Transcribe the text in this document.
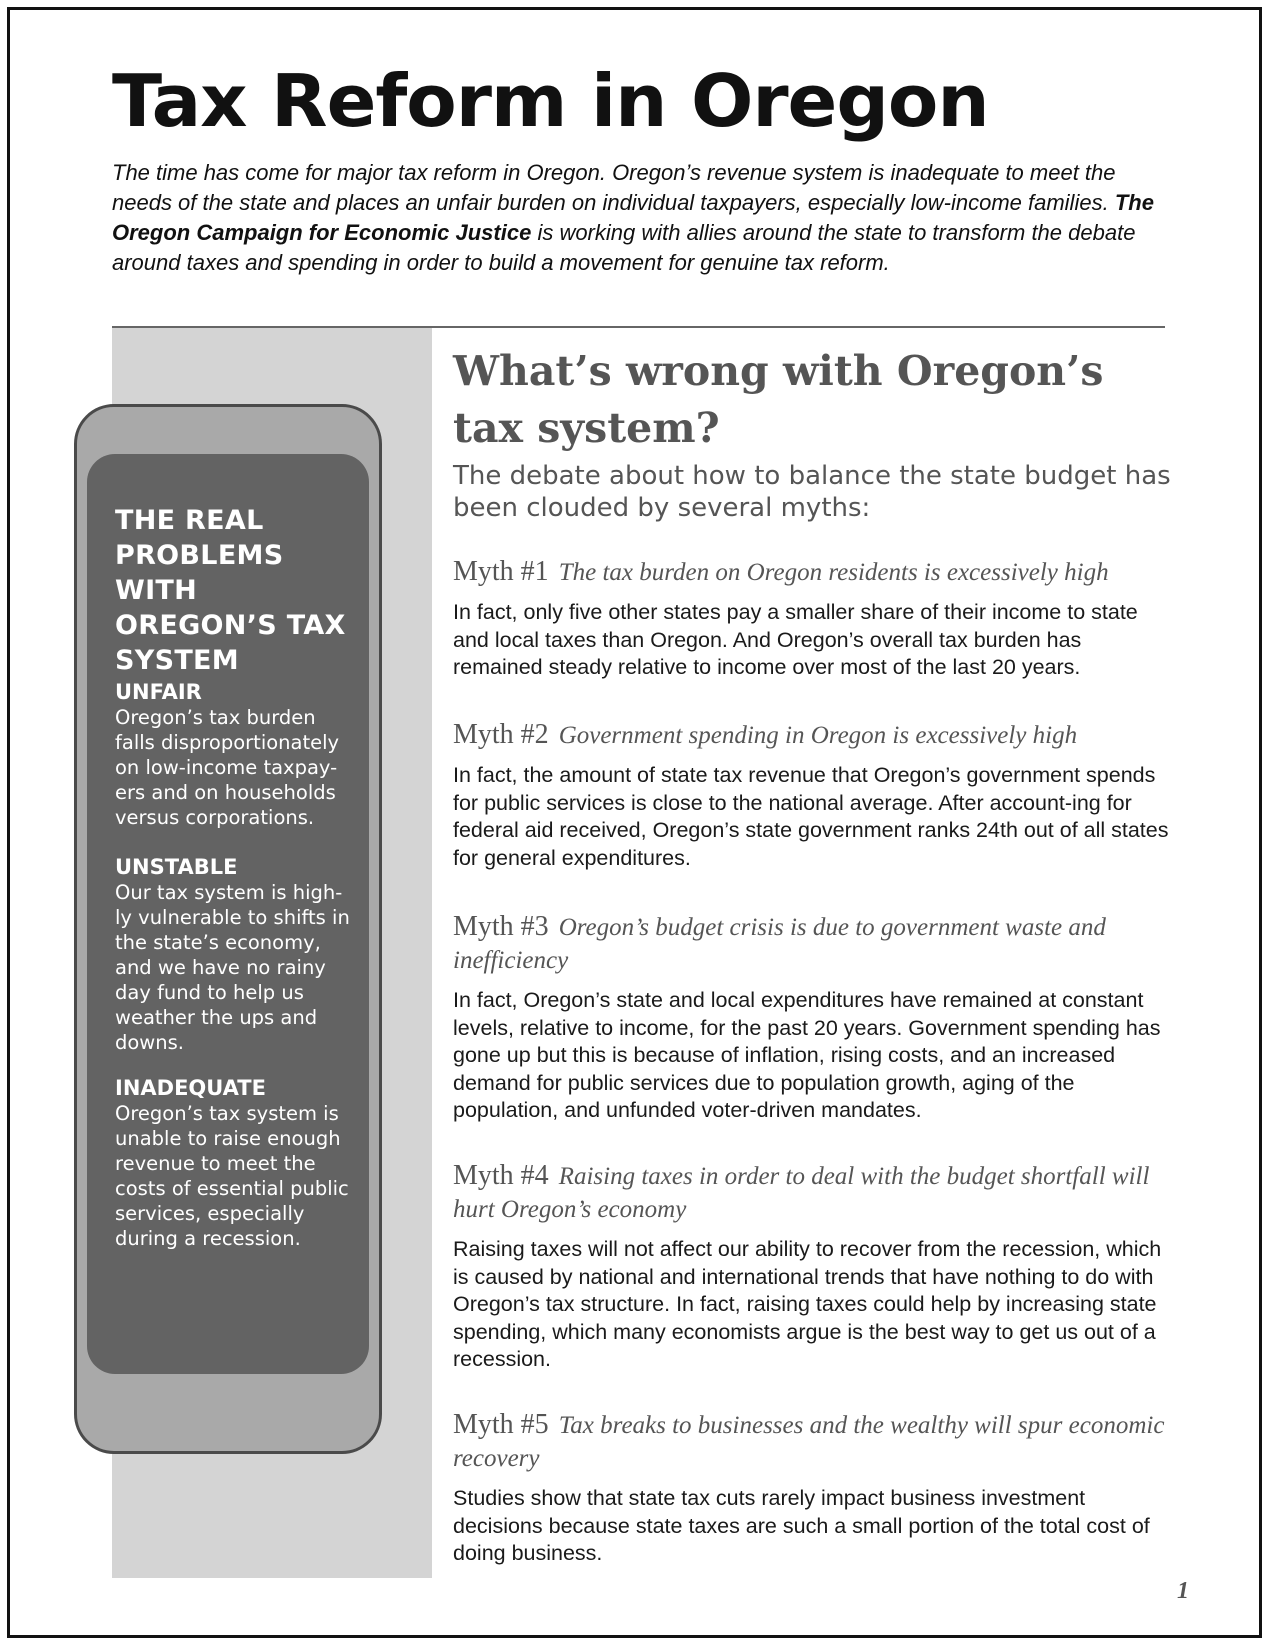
Tax Reform in Oregon

The time has come for major tax reform in Oregon. Oregon’s revenue system is inadequate to meet the needs of the state and places an unfair burden on individual taxpayers, especially low-income families. The Oregon Campaign for Economic Justice is working with allies around the state to transform the debate around taxes and spending in order to build a movement for genuine tax reform.

THE REAL PROBLEMS WITH OREGON’S TAX SYSTEM
UNFAIR
Oregon’s tax burden falls disproportionately on low-income taxpay-ers and on households versus corporations.
UNSTABLE
Our tax system is high-ly vulnerable to shifts in the state’s economy, and we have no rainy day fund to help us weather the ups and downs.
INADEQUATE
Oregon’s tax system is unable to raise enough revenue to meet the costs of essential public services, especially during a recession.
What’s wrong with Oregon’s tax system?

The debate about how to balance the state budget has been clouded by several myths:

Myth #1 The tax burden on Oregon residents is excessively high

In fact, only five other states pay a smaller share of their income to state and local taxes than Oregon. And Oregon’s overall tax burden has remained steady relative to income over most of the last 20 years.

Myth #2 Government spending in Oregon is excessively high

In fact, the amount of state tax revenue that Oregon’s government spends for public services is close to the national average. After account-ing for federal aid received, Oregon’s state government ranks 24th out of all states for general expenditures.

Myth #3 Oregon’s budget crisis is due to government waste and inefficiency

In fact, Oregon’s state and local expenditures have remained at constant levels, relative to income, for the past 20 years. Government spending has gone up but this is because of inflation, rising costs, and an increased demand for public services due to population growth, aging of the population, and unfunded voter-driven mandates.

Myth #4 Raising taxes in order to deal with the budget shortfall will hurt Oregon’s economy

Raising taxes will not affect our ability to recover from the recession, which is caused by national and international trends that have nothing to do with Oregon’s tax structure. In fact, raising taxes could help by increasing state spending, which many economists argue is the best way to get us out of a recession.

Myth #5 Tax breaks to businesses and the wealthy will spur economic recovery

Studies show that state tax cuts rarely impact business investment decisions because state taxes are such a small portion of the total cost of doing business.

1
